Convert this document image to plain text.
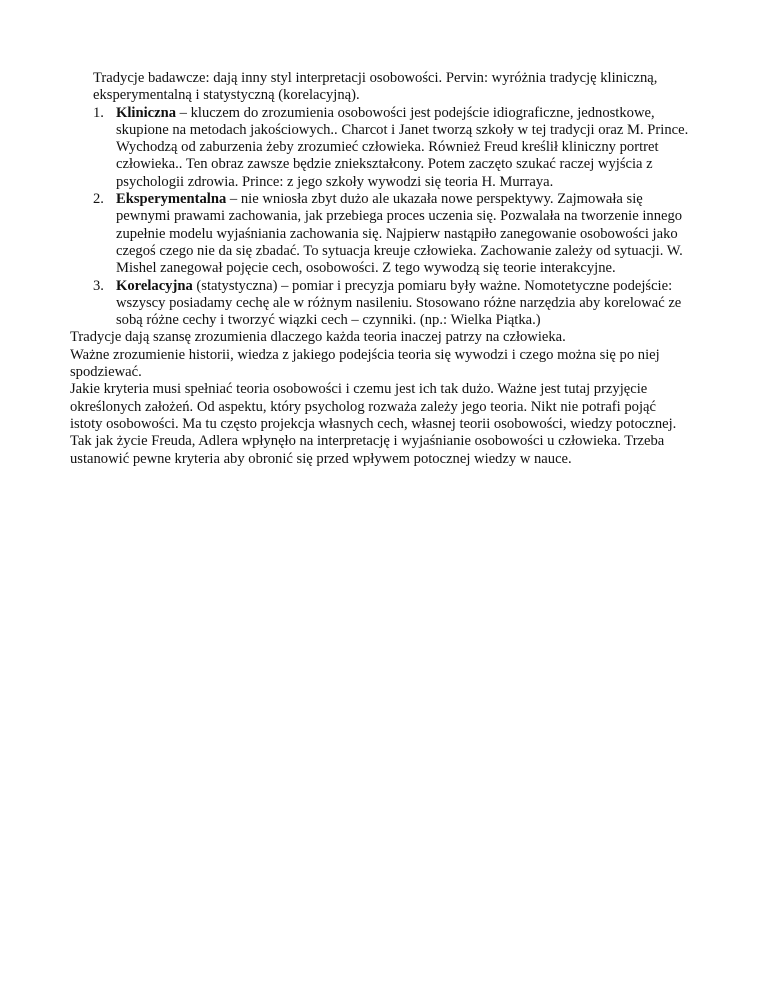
Tradycje badawcze: dają inny styl interpretacji osobowości. Pervin: wyróżnia tradycję kliniczną, eksperymentalną i statystyczną (korelacyjną).

1. Kliniczna – kluczem do zrozumienia osobowości jest podejście idiograficzne, jednostkowe, skupione na metodach jakościowych.. Charcot i Janet tworzą szkoły w tej tradycji oraz M. Prince. Wychodzą od zaburzenia żeby zrozumieć człowieka. Również Freud kreślił kliniczny portret człowieka.. Ten obraz zawsze będzie zniekształcony. Potem zaczęto szukać raczej wyjścia z psychologii zdrowia. Prince: z jego szkoły wywodzi się teoria H. Murraya.
2. Eksperymentalna – nie wniosła zbyt dużo ale ukazała nowe perspektywy. Zajmowała się pewnymi prawami zachowania, jak przebiega proces uczenia się. Pozwalała na tworzenie innego zupełnie modelu wyjaśniania zachowania się. Najpierw nastąpiło zanegowanie osobowości jako czegoś czego nie da się zbadać. To sytuacja kreuje człowieka. Zachowanie zależy od sytuacji. W. Mishel zanegował pojęcie cech, osobowości. Z tego wywodzą się teorie interakcyjne.
3. Korelacyjna (statystyczna) – pomiar i precyzja pomiaru były ważne. Nomotetyczne podejście: wszyscy posiadamy cechę ale w różnym nasileniu. Stosowano różne narzędzia aby korelować ze sobą różne cechy i tworzyć wiązki cech – czynniki. (np.: Wielka Piątka.)

Tradycje dają szansę zrozumienia dlaczego każda teoria inaczej patrzy na człowieka.

Ważne zrozumienie historii, wiedza z jakiego podejścia teoria się wywodzi i czego można się po niej spodziewać.

Jakie kryteria musi spełniać teoria osobowości i czemu jest ich tak dużo. Ważne jest tutaj przyjęcie określonych założeń. Od aspektu, który psycholog rozważa zależy jego teoria. Nikt nie potrafi pojąć istoty osobowości. Ma tu często projekcja własnych cech, własnej teorii osobowości, wiedzy potocznej. Tak jak życie Freuda, Adlera wpłynęło na interpretację i wyjaśnianie osobowości u człowieka. Trzeba ustanowić pewne kryteria aby obronić się przed wpływem potocznej wiedzy w nauce.
